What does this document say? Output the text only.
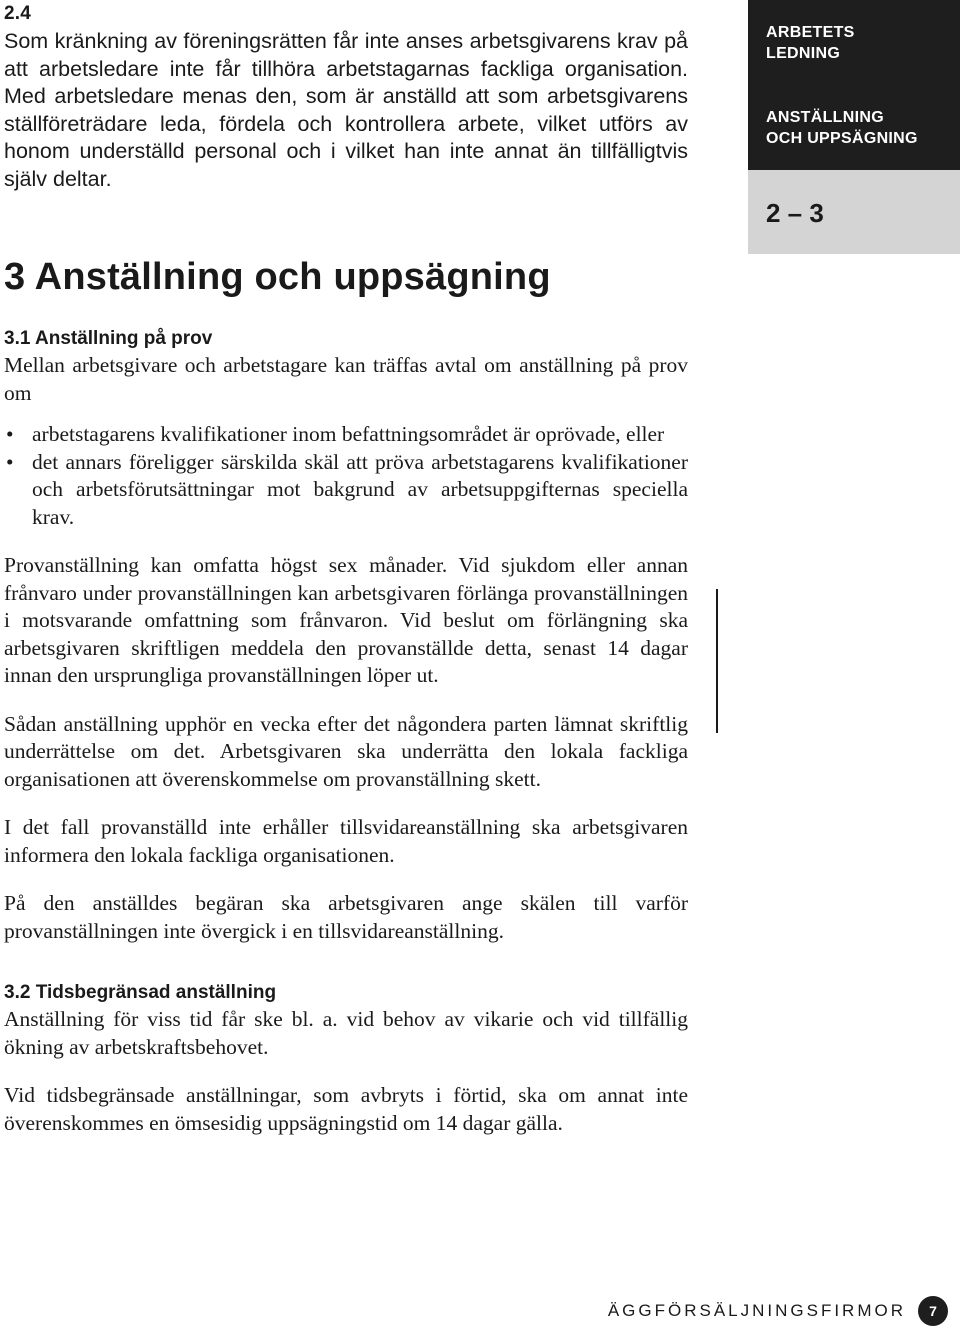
2.4

Som kränkning av föreningsrätten får inte anses arbetsgivarens krav på att arbetsledare inte får tillhöra arbetstagarnas fackliga organisation. Med arbetsledare menas den, som är anställd att som arbetsgivarens ställföreträdare leda, fördela och kontrollera arbete, vilket utförs av honom underställd personal och i vilket han inte annat än tillfälligtvis själv deltar.

ARBETETS
LEDNING
ANSTÄLLNING
OCH UPPSÄGNING
2 – 3
3 Anställning och uppsägning
3.1 Anställning på prov

Mellan arbetsgivare och arbetstagare kan träffas avtal om anställning på prov om

• arbetstagarens kvalifikationer inom befattningsområdet är oprövade, eller
• det annars föreligger särskilda skäl att pröva arbetstagarens kvalifikationer och arbetsförutsättningar mot bakgrund av arbetsuppgifternas speciella krav.

Provanställning kan omfatta högst sex månader. Vid sjukdom eller annan frånvaro under provanställningen kan arbetsgivaren förlänga provanställningen i motsvarande omfattning som frånvaron. Vid beslut om förlängning ska arbetsgivaren skriftligen meddela den provanställde detta, senast 14 dagar innan den ursprungliga provanställningen löper ut.

Sådan anställning upphör en vecka efter det någondera parten lämnat skriftlig underrättelse om det. Arbetsgivaren ska underrätta den lokala fackliga organisationen att överenskommelse om provanställning skett.

I det fall provanställd inte erhåller tillsvidareanställning ska arbetsgivaren informera den lokala fackliga organisationen.

På den anställdes begäran ska arbetsgivaren ange skälen till varför provanställningen inte övergick i en tillsvidareanställning.

3.2 Tidsbegränsad anställning

Anställning för viss tid får ske bl. a. vid behov av vikarie och vid tillfällig ökning av arbetskraftsbehovet.

Vid tidsbegränsade anställningar, som avbryts i förtid, ska om annat inte överenskommes en ömsesidig uppsägningstid om 14 dagar gälla.

ÄGGFÖRSÄLJNINGSFIRMOR	7
